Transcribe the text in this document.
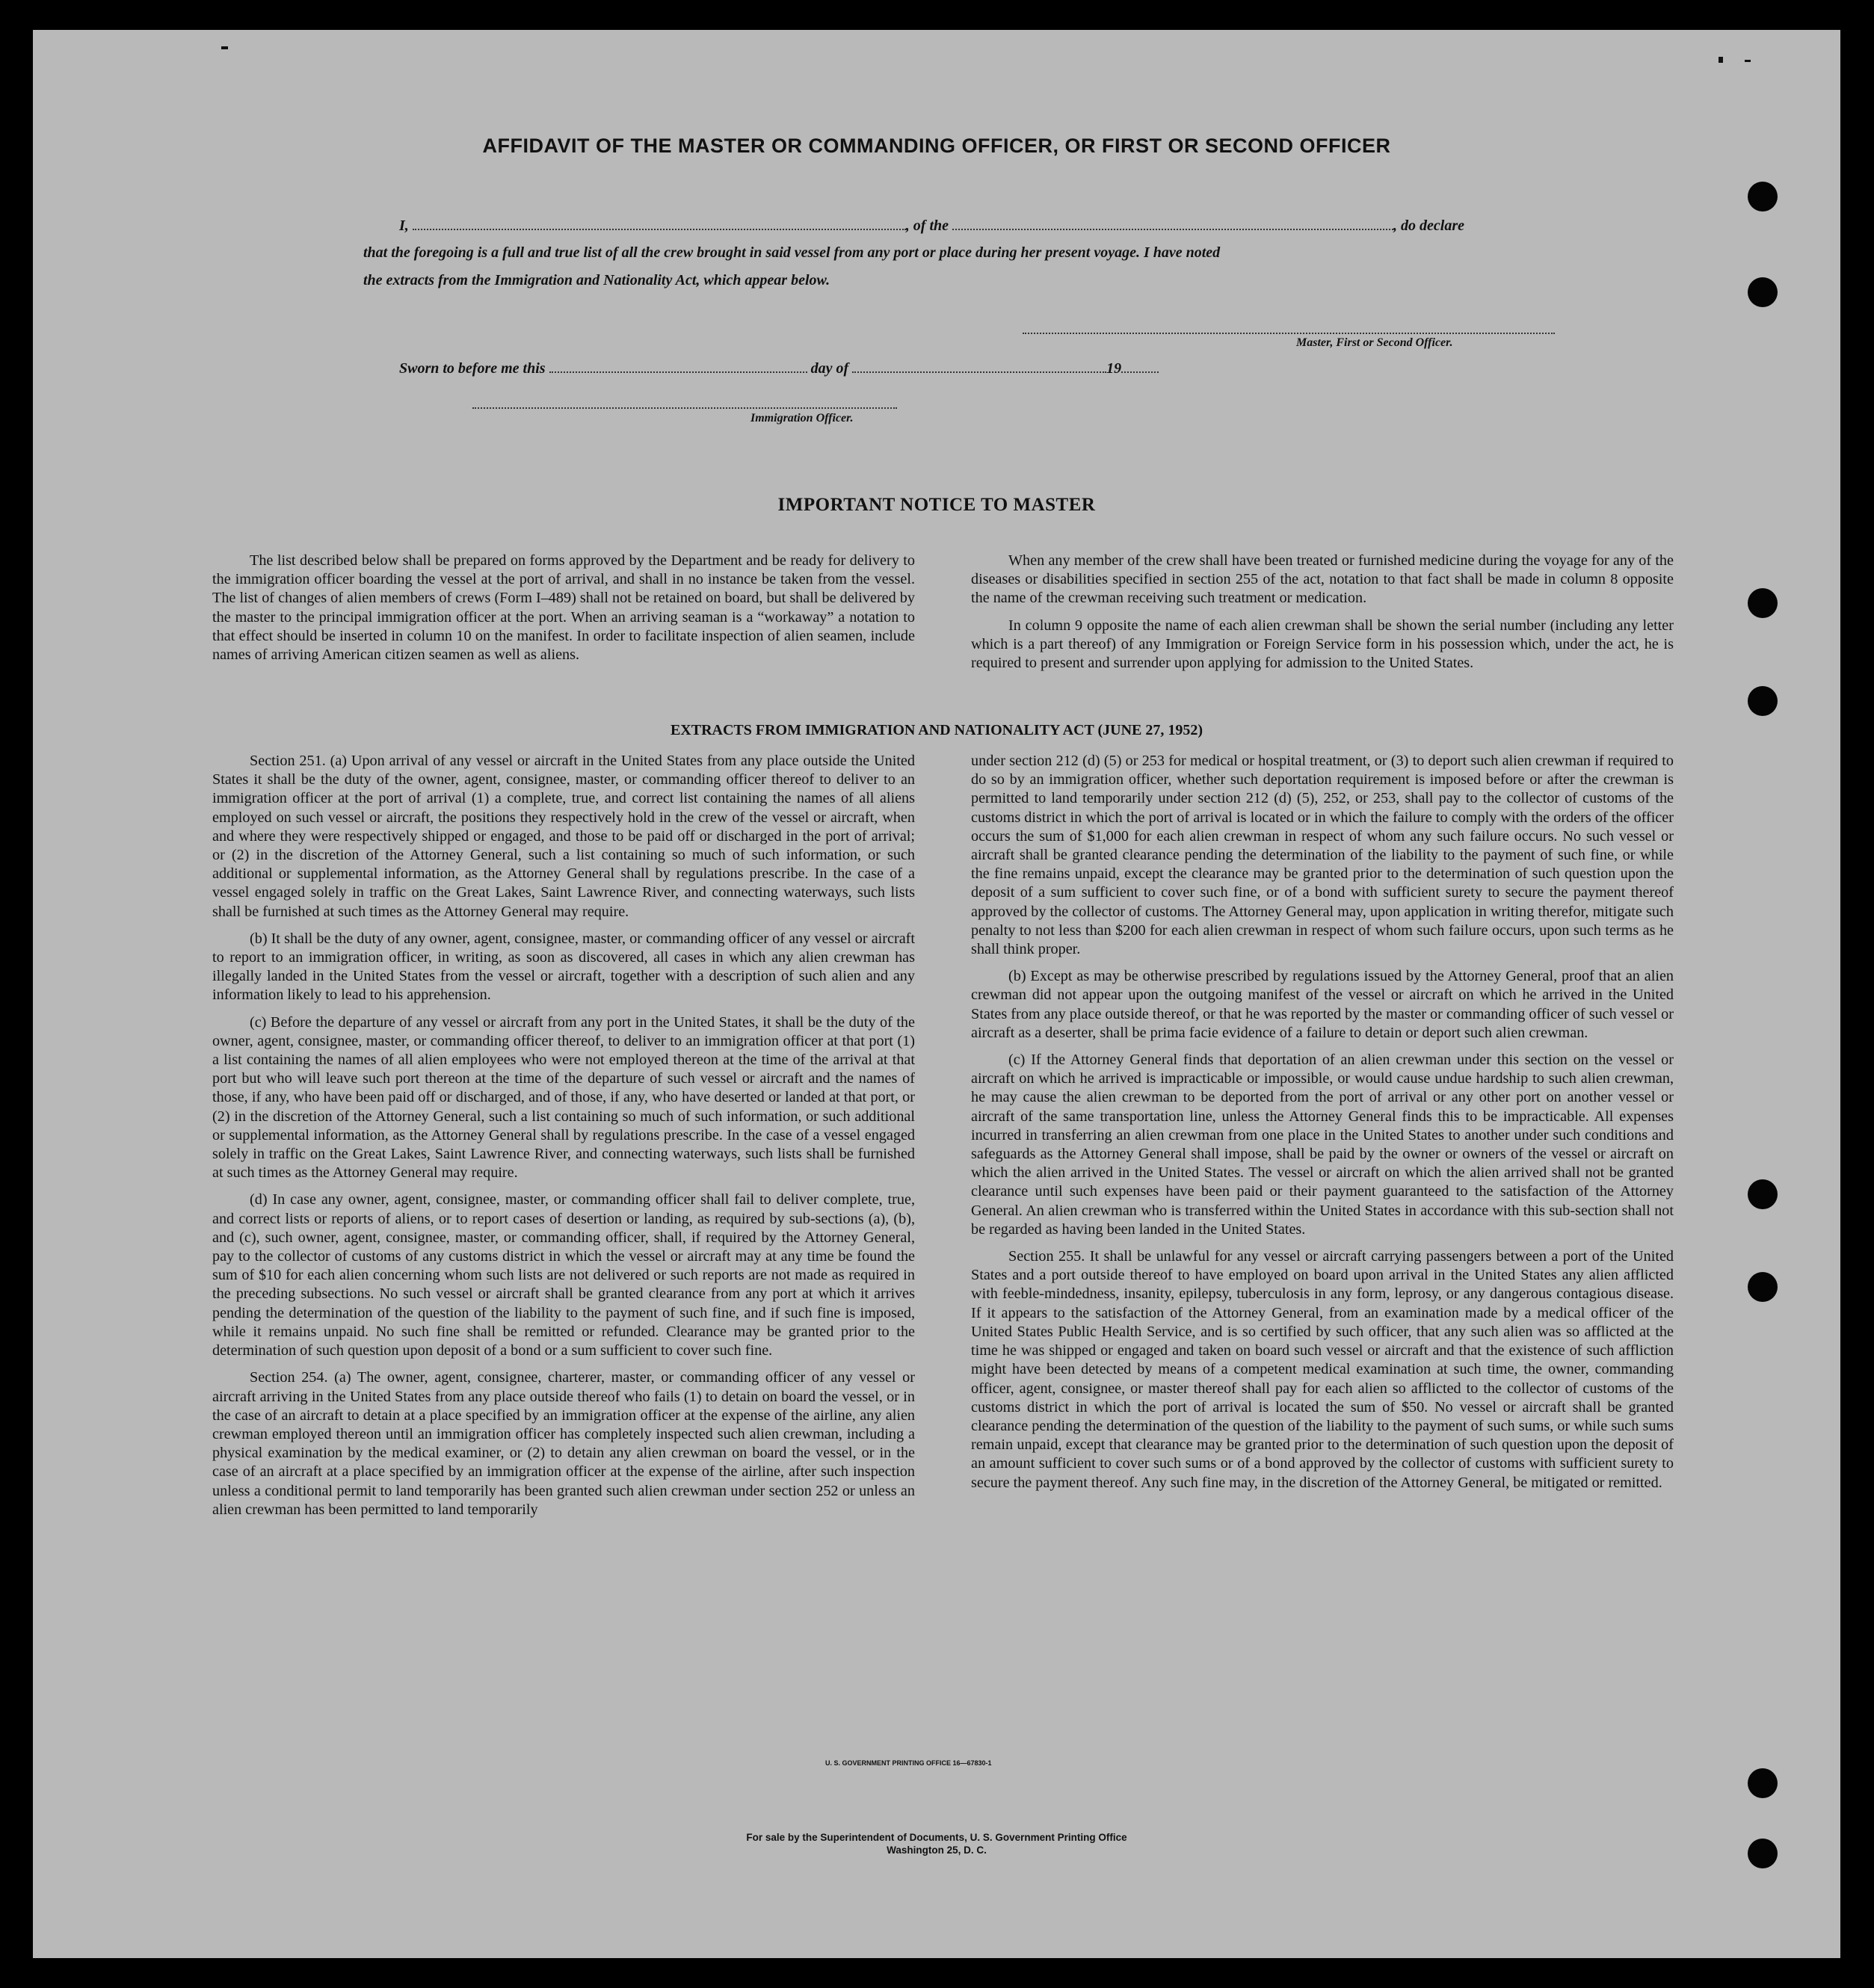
AFFIDAVIT OF THE MASTER OR COMMANDING OFFICER, OR FIRST OR SECOND OFFICER
I,	, of the	, do declare
that the foregoing is a full and true list of all the crew brought in said vessel from any port or place during her present voyage. I have noted
the extracts from the Immigration and Nationality Act, which appear below.
Master, First or Second Officer.
Sworn to before me this	day of	19
Immigration Officer.
IMPORTANT NOTICE TO MASTER

The list described below shall be prepared on forms approved by the Department and be ready for delivery to the immigration officer boarding the vessel at the port of arrival, and shall in no instance be taken from the vessel. The list of changes of alien members of crews (Form I–489) shall not be retained on board, but shall be delivered by the master to the principal immigration officer at the port. When an arriving seaman is a “workaway” a notation to that effect should be inserted in column 10 on the manifest. In order to facilitate inspection of alien seamen, include names of arriving American citizen seamen as well as aliens.

When any member of the crew shall have been treated or furnished medicine during the voyage for any of the diseases or disabilities specified in section 255 of the act, notation to that fact shall be made in column 8 opposite the name of the crewman receiving such treatment or medication.

In column 9 opposite the name of each alien crewman shall be shown the serial number (including any letter which is a part thereof) of any Immigration or Foreign Service form in his possession which, under the act, he is required to present and surrender upon applying for admission to the United States.

EXTRACTS FROM IMMIGRATION AND NATIONALITY ACT (JUNE 27, 1952)

Section 251. (a) Upon arrival of any vessel or aircraft in the United States from any place outside the United States it shall be the duty of the owner, agent, consignee, master, or commanding officer thereof to deliver to an immigration officer at the port of arrival (1) a complete, true, and correct list containing the names of all aliens employed on such vessel or aircraft, the positions they respectively hold in the crew of the vessel or aircraft, when and where they were respectively shipped or engaged, and those to be paid off or discharged in the port of arrival; or (2) in the discretion of the Attorney General, such a list containing so much of such information, or such additional or supplemental information, as the Attorney General shall by regulations prescribe. In the case of a vessel engaged solely in traffic on the Great Lakes, Saint Lawrence River, and connecting waterways, such lists shall be furnished at such times as the Attorney General may require.

(b) It shall be the duty of any owner, agent, consignee, master, or commanding officer of any vessel or aircraft to report to an immigration officer, in writing, as soon as discovered, all cases in which any alien crewman has illegally landed in the United States from the vessel or aircraft, together with a description of such alien and any information likely to lead to his apprehension.

(c) Before the departure of any vessel or aircraft from any port in the United States, it shall be the duty of the owner, agent, consignee, master, or commanding officer thereof, to deliver to an immigration officer at that port (1) a list containing the names of all alien employees who were not employed thereon at the time of the arrival at that port but who will leave such port thereon at the time of the departure of such vessel or aircraft and the names of those, if any, who have been paid off or discharged, and of those, if any, who have deserted or landed at that port, or (2) in the discretion of the Attorney General, such a list containing so much of such information, or such additional or supplemental information, as the Attorney General shall by regulations prescribe. In the case of a vessel engaged solely in traffic on the Great Lakes, Saint Lawrence River, and connecting waterways, such lists shall be furnished at such times as the Attorney General may require.

(d) In case any owner, agent, consignee, master, or commanding officer shall fail to deliver complete, true, and correct lists or reports of aliens, or to report cases of desertion or landing, as required by sub-sections (a), (b), and (c), such owner, agent, consignee, master, or commanding officer, shall, if required by the Attorney General, pay to the collector of customs of any customs district in which the vessel or aircraft may at any time be found the sum of $10 for each alien concerning whom such lists are not delivered or such reports are not made as required in the preceding subsections. No such vessel or aircraft shall be granted clearance from any port at which it arrives pending the determination of the question of the liability to the payment of such fine, and if such fine is imposed, while it remains unpaid. No such fine shall be remitted or refunded. Clearance may be granted prior to the determination of such question upon deposit of a bond or a sum sufficient to cover such fine.

Section 254. (a) The owner, agent, consignee, charterer, master, or commanding officer of any vessel or aircraft arriving in the United States from any place outside thereof who fails (1) to detain on board the vessel, or in the case of an aircraft to detain at a place specified by an immigration officer at the expense of the airline, any alien crewman employed thereon until an immigration officer has completely inspected such alien crewman, including a physical examination by the medical examiner, or (2) to detain any alien crewman on board the vessel, or in the case of an aircraft at a place specified by an immigration officer at the expense of the airline, after such inspection unless a conditional permit to land temporarily has been granted such alien crewman under section 252 or unless an alien crewman has been permitted to land temporarily

under section 212 (d) (5) or 253 for medical or hospital treatment, or (3) to deport such alien crewman if required to do so by an immigration officer, whether such deportation requirement is imposed before or after the crewman is permitted to land temporarily under section 212 (d) (5), 252, or 253, shall pay to the collector of customs of the customs district in which the port of arrival is located or in which the failure to comply with the orders of the officer occurs the sum of $1,000 for each alien crewman in respect of whom any such failure occurs. No such vessel or aircraft shall be granted clearance pending the determination of the liability to the payment of such fine, or while the fine remains unpaid, except the clearance may be granted prior to the determination of such question upon the deposit of a sum sufficient to cover such fine, or of a bond with sufficient surety to secure the payment thereof approved by the collector of customs. The Attorney General may, upon application in writing therefor, mitigate such penalty to not less than $200 for each alien crewman in respect of whom such failure occurs, upon such terms as he shall think proper.

(b) Except as may be otherwise prescribed by regulations issued by the Attorney General, proof that an alien crewman did not appear upon the outgoing manifest of the vessel or aircraft on which he arrived in the United States from any place outside thereof, or that he was reported by the master or commanding officer of such vessel or aircraft as a deserter, shall be prima facie evidence of a failure to detain or deport such alien crewman.

(c) If the Attorney General finds that deportation of an alien crewman under this section on the vessel or aircraft on which he arrived is impracticable or impossible, or would cause undue hardship to such alien crewman, he may cause the alien crewman to be deported from the port of arrival or any other port on another vessel or aircraft of the same transportation line, unless the Attorney General finds this to be impracticable. All expenses incurred in transferring an alien crewman from one place in the United States to another under such conditions and safeguards as the Attorney General shall impose, shall be paid by the owner or owners of the vessel or aircraft on which the alien arrived in the United States. The vessel or aircraft on which the alien arrived shall not be granted clearance until such expenses have been paid or their payment guaranteed to the satisfaction of the Attorney General. An alien crewman who is transferred within the United States in accordance with this sub-section shall not be regarded as having been landed in the United States.

Section 255. It shall be unlawful for any vessel or aircraft carrying passengers between a port of the United States and a port outside thereof to have employed on board upon arrival in the United States any alien afflicted with feeble-mindedness, insanity, epilepsy, tuberculosis in any form, leprosy, or any dangerous contagious disease. If it appears to the satisfaction of the Attorney General, from an examination made by a medical officer of the United States Public Health Service, and is so certified by such officer, that any such alien was so afflicted at the time he was shipped or engaged and taken on board such vessel or aircraft and that the existence of such affliction might have been detected by means of a competent medical examination at such time, the owner, commanding officer, agent, consignee, or master thereof shall pay for each alien so afflicted to the collector of customs of the customs district in which the port of arrival is located the sum of $50. No vessel or aircraft shall be granted clearance pending the determination of the question of the liability to the payment of such sums, or while such sums remain unpaid, except that clearance may be granted prior to the determination of such question upon the deposit of an amount sufficient to cover such sums or of a bond approved by the collector of customs with sufficient surety to secure the payment thereof. Any such fine may, in the discretion of the Attorney General, be mitigated or remitted.

U. S. GOVERNMENT PRINTING OFFICE 16—67830-1
For sale by the Superintendent of Documents, U. S. Government Printing Office
Washington 25, D. C.
